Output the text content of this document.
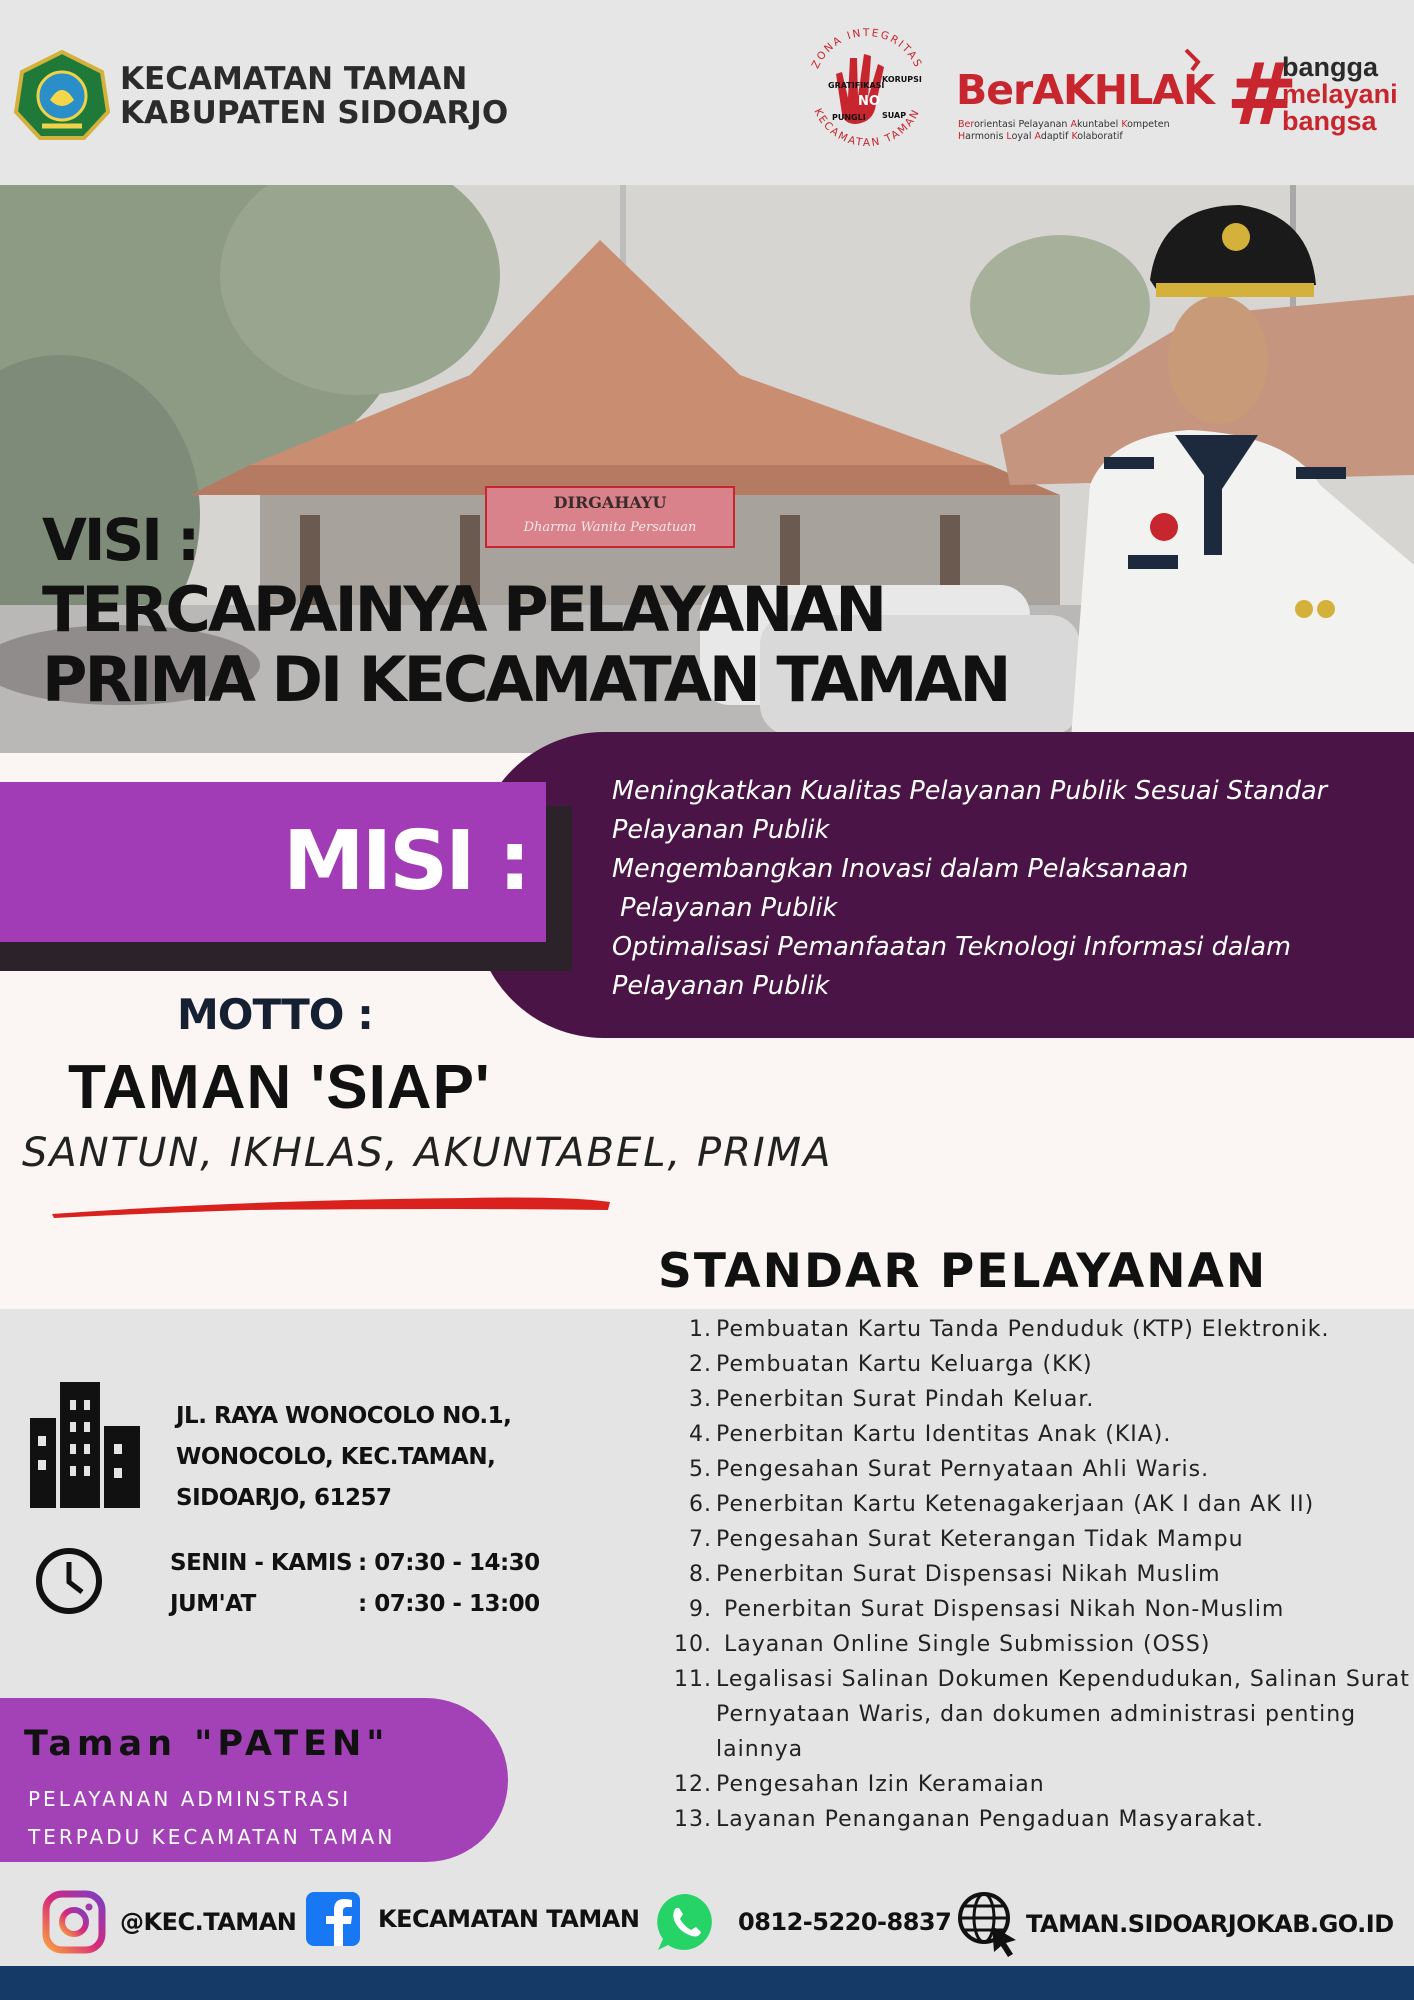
KECAMATAN TAMAN
KABUPATEN SIDOARJO
ZONA INTEGRITAS
KECAMATAN TAMAN
GRATIFIKASI
KORUPSI
NO
PUNGLI SUAP
BerAKHLAK
Berorientasi Pelayanan Akuntabel Kompeten
Harmonis Loyal Adaptif Kolaboratif	#
bangga
melayani
bangsa
DIRGAHAYU
Dharma Wanita Persatuan
VISI :
TERCAPAINYA PELAYANAN
PRIMA DI KECAMATAN TAMAN
MISI :
Meningkatkan Kualitas Pelayanan Publik Sesuai Standar
Pelayanan Publik
Mengembangkan Inovasi dalam Pelaksanaan
Pelayanan Publik
Optimalisasi Pemanfaatan Teknologi Informasi dalam
Pelayanan Publik
MOTTO :
TAMAN 'SIAP'
SANTUN, IKHLAS, AKUNTABEL, PRIMA
STANDAR PELAYANAN
1. Pembuatan Kartu Tanda Penduduk (KTP) Elektronik.
2. Pembuatan Kartu Keluarga (KK)
3. Penerbitan Surat Pindah Keluar.
4. Penerbitan Kartu Identitas Anak (KIA).
5. Pengesahan Surat Pernyataan Ahli Waris.
6. Penerbitan Kartu Ketenagakerjaan (AK I dan AK II)
7. Pengesahan Surat Keterangan Tidak Mampu
8. Penerbitan Surat Dispensasi Nikah Muslim
9. Penerbitan Surat Dispensasi Nikah Non-Muslim
10. Layanan Online Single Submission (OSS)
11. Legalisasi Salinan Dokumen Kependudukan, Salinan Surat Pernyataan Waris, dan dokumen administrasi penting lainnya
12. Pengesahan Izin Keramaian
13. Layanan Penanganan Pengaduan Masyarakat.
JL. RAYA WONOCOLO NO.1,
WONOCOLO, KEC.TAMAN,
SIDOARJO, 61257
SENIN - KAMIS : 07:30 - 14:30
JUM'AT	: 07:30 - 13:00
Taman "PATEN"
PELAYANAN ADMINSTRASI
TERPADU KECAMATAN TAMAN
@KEC.TAMAN	KECAMATAN TAMAN	0812-5220-8837	TAMAN.SIDOARJOKAB.GO.ID
